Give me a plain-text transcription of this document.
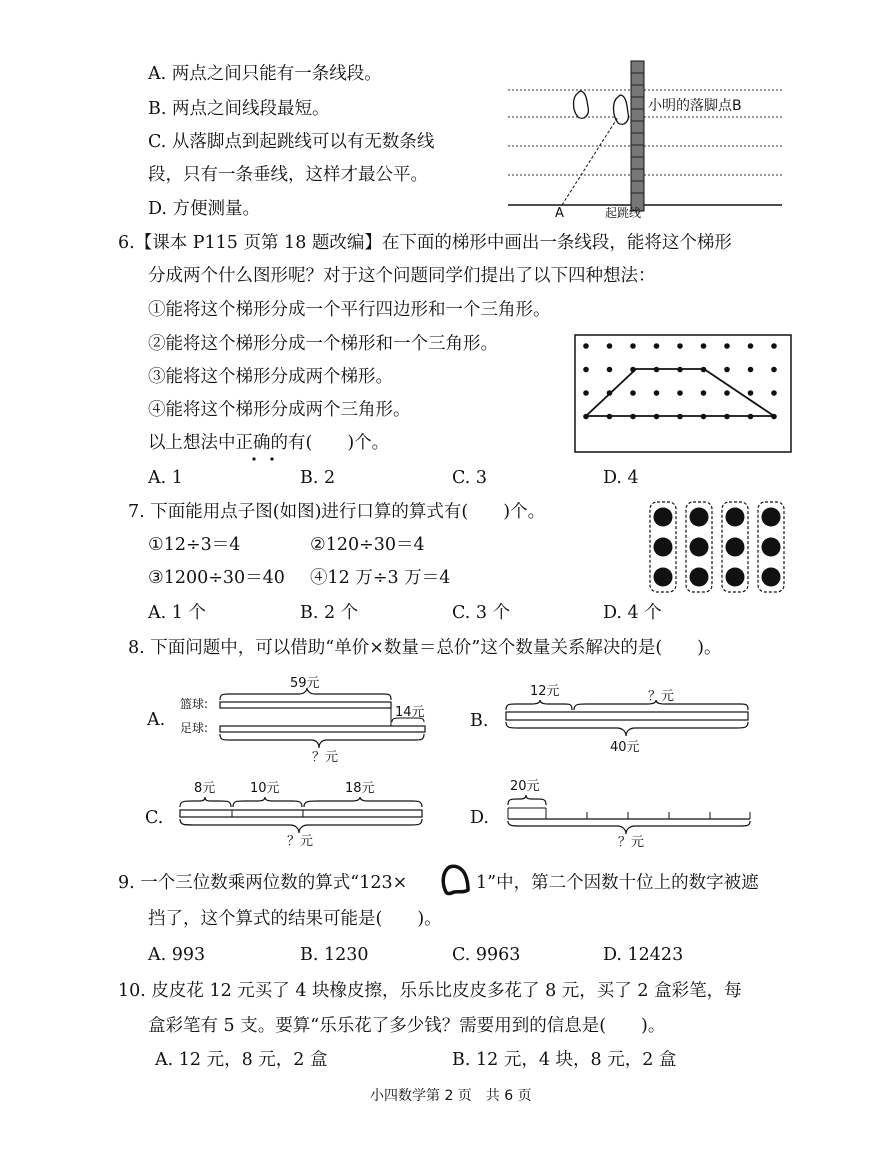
A. 两点之间只能有一条线段。
B. 两点之间线段最短。
C. 从落脚点到起跳线可以有无数条线
段，只有一条垂线，这样才最公平。
D. 方便测量。
小明的落脚点B
A	起跳线
6.【课本 P115 页第 18 题改编】在下面的梯形中画出一条线段，能将这个梯形
分成两个什么图形呢？对于这个问题同学们提出了以下四种想法：
①能将这个梯形分成一个平行四边形和一个三角形。
②能将这个梯形分成一个梯形和一个三角形。
③能将这个梯形分成两个梯形。
④能将这个梯形分成两个三角形。
以上想法中正确的有(　　)个。
A. 1	B. 2	C. 3	D. 4
7. 下面能用点子图(如图)进行口算的算式有(　　)个。
①12÷3＝4	②120÷30＝4
③1200÷30＝40 ④12 万÷3 万＝4
A. 1 个	B. 2 个	C. 3 个	D. 4 个
8. 下面问题中，可以借助“单价×数量＝总价”这个数量关系解决的是(　　)。
A.
篮球:
足球:
59元
14元
？元
B.
12元	？元
40元
C.
8元	10元	18元
？元
D.
20元
？元
9. 一个三位数乘两位数的算式“123×	1”中，第二个因数十位上的数字被遮
挡了，这个算式的结果可能是(　　)。
A. 993	B. 1230	C. 9963	D. 12423
10. 皮皮花 12 元买了 4 块橡皮擦，乐乐比皮皮多花了 8 元，买了 2 盒彩笔，每
盒彩笔有 5 支。要算“乐乐花了多少钱？需要用到的信息是(　　)。
A. 12 元，8 元，2 盒	B. 12 元，4 块，8 元，2 盒
小四数学第 2 页　共 6 页
